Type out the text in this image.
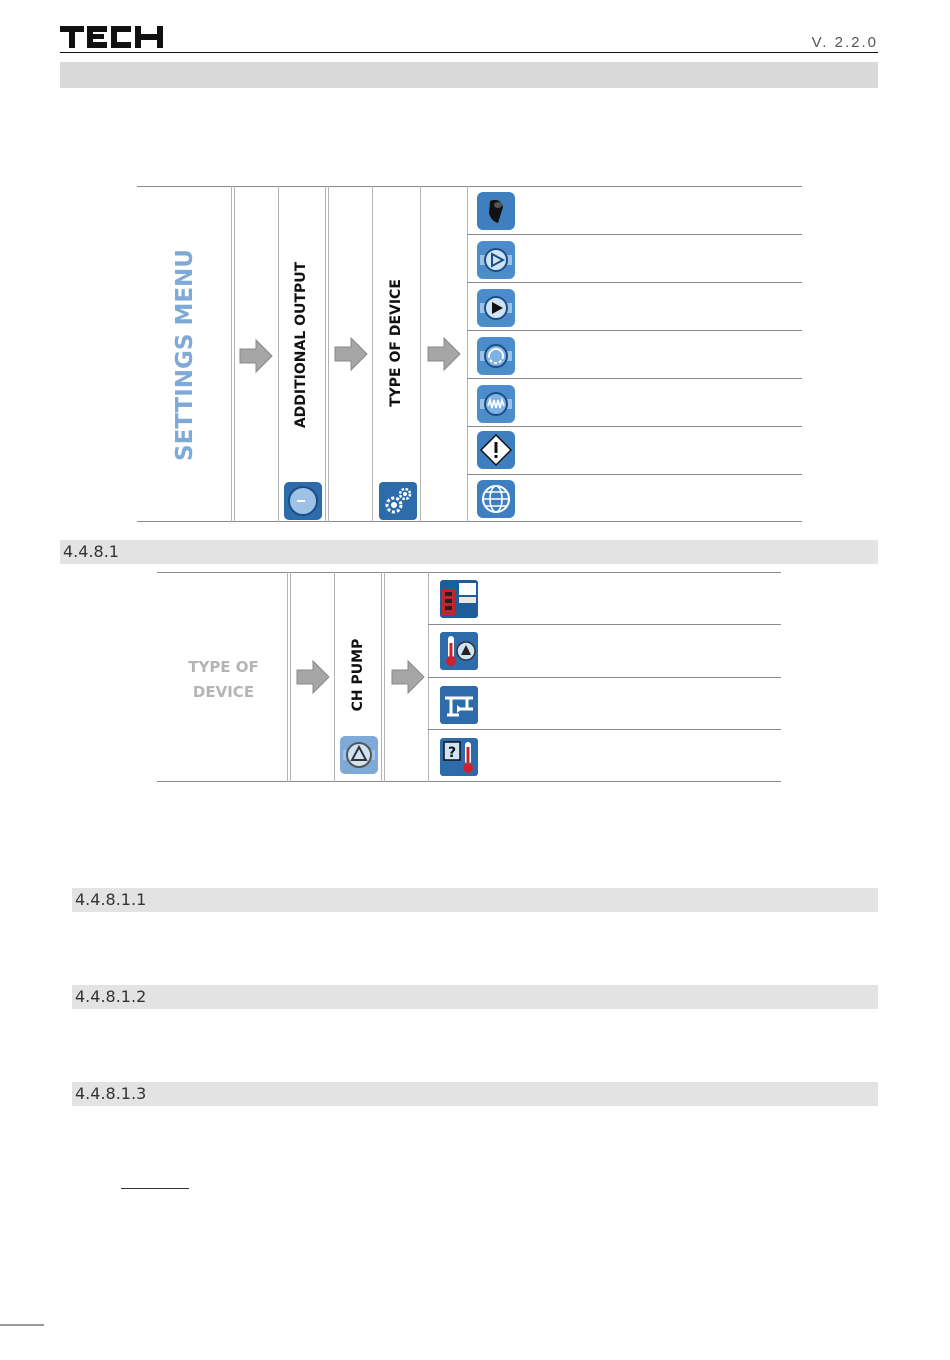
V. 2.2.0
SETTINGS MENU	ADDITIONAL OUTPUT	TYPE OF DEVICE
4.4.8.1
TYPE OF
DEVICE	CH PUMP
?
4.4.8.1.1
4.4.8.1.2
4.4.8.1.3
